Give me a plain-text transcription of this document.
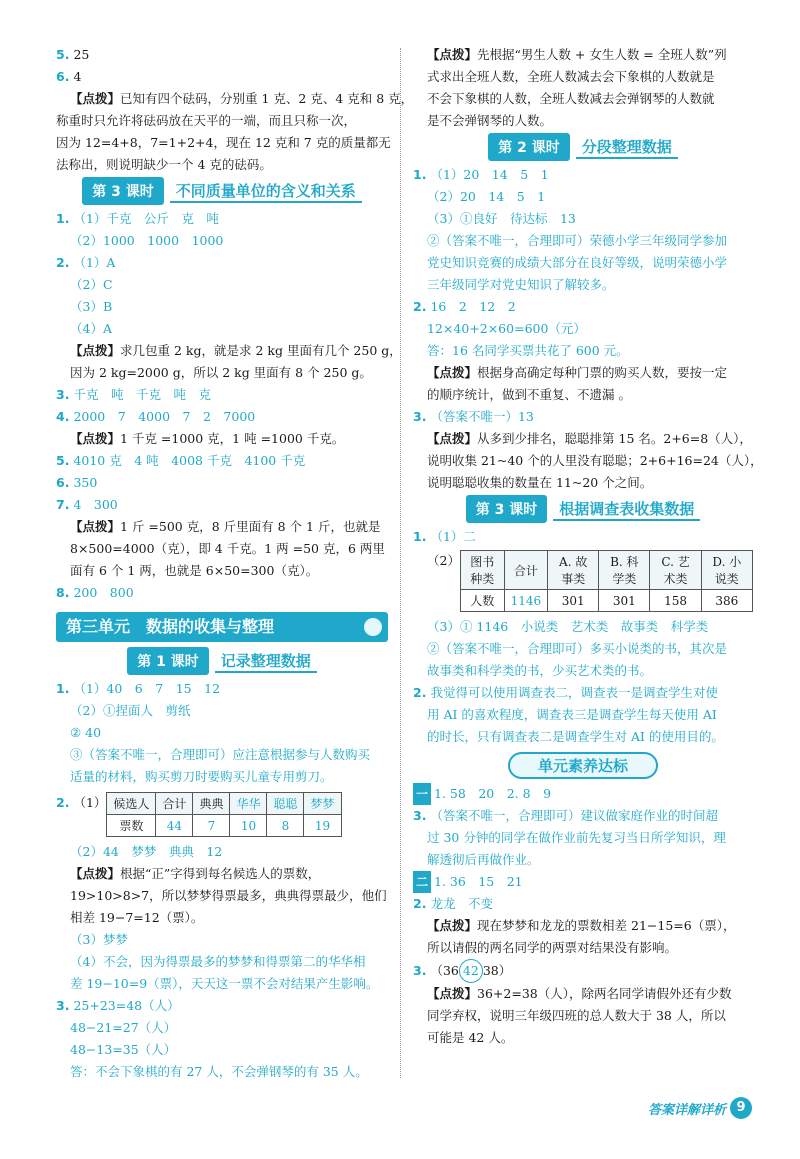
5. 25

6. 4

【点拨】已知有四个砝码，分别重 1 克、2 克、4 克和 8 克，

称重时只允许将砝码放在天平的一端，而且只称一次，

因为 12=4+8，7=1+2+4，现在 12 克和 7 克的质量都无

法称出，则说明缺少一个 4 克的砝码。

第 3 课时	不同质量单位的含义和关系

1. （1）千克　公斤　克　吨

（2）1000　1000　1000

2. （1）A

（2）C

（3）B

（4）A

【点拨】求几包重 2 kg，就是求 2 kg 里面有几个 250 g，

因为 2 kg=2000 g，所以 2 kg 里面有 8 个 250 g。

3. 千克　吨　千克　吨　克

4. 2000　7　4000　7　2　7000

【点拨】1 千克 =1000 克，1 吨 =1000 千克。

5. 4010 克　4 吨　4008 千克　4100 千克

6. 350

7. 4　300

【点拨】1 斤 =500 克，8 斤里面有 8 个 1 斤，也就是

8×500=4000（克），即 4 千克。1 两 =50 克，6 两里

面有 6 个 1 两，也就是 6×50=300（克）。

8. 200　800

第三单元　数据的收集与整理
第 1 课时	记录整理数据

1. （1）40　6　7　15　12

（2）①捏面人　剪纸

② 40

③（答案不唯一，合理即可）应注意根据参与人数购买

适量的材料，购买剪刀时要购买儿童专用剪刀。

2. （1） 候选人	合计	典典	华华	聪聪	梦梦
票数	44	7	10	8	19

（2）44　梦梦　典典　12

【点拨】根据“正”字得到每名候选人的票数，

19>10>8>7，所以梦梦得票最多，典典得票最少，他们

相差 19−7=12（票）。

（3）梦梦

（4）不会，因为得票最多的梦梦和得票第二的华华相

差 19−10=9（票），天天这一票不会对结果产生影响。

3. 25+23=48（人）

48−21=27（人）

48−13=35（人）

答：不会下象棋的有 27 人，不会弹钢琴的有 35 人。

【点拨】先根据“男生人数 + 女生人数 = 全班人数”列

式求出全班人数，全班人数减去会下象棋的人数就是

不会下象棋的人数，全班人数减去会弹钢琴的人数就

是不会弹钢琴的人数。

第 2 课时	分段整理数据

1. （1）20　14　5　1

（2）20　14　5　1

（3）①良好　待达标　13

②（答案不唯一，合理即可）荣德小学三年级同学参加

党史知识竞赛的成绩大部分在良好等级，说明荣德小学

三年级同学对党史知识了解较多。

2. 16　2　12　2

12×40+2×60=600（元）

答：16 名同学买票共花了 600 元。

【点拨】根据身高确定每种门票的购买人数，要按一定

的顺序统计，做到不重复、不遗漏 。

3. （答案不唯一）13

【点拨】从多到少排名，聪聪排第 15 名。2+6=8（人），

说明收集 21~40 个的人里没有聪聪；2+6+16=24（人），

说明聪聪收集的数量在 11~20 个之间。

第 3 课时	根据调查表收集数据

1. （1）二

（2） 图书种类	合计	A. 故事类	B. 科学类	C. 艺术类	D. 小说类
人数	1146	301	301	158	386

（3）① 1146　小说类　艺术类　故事类　科学类

②（答案不唯一，合理即可）多买小说类的书，其次是

故事类和科学类的书，少买艺术类的书。

2. 我觉得可以使用调查表二，调查表一是调查学生对使

用 AI 的喜欢程度，调查表三是调查学生每天使用 AI

的时长，只有调查表二是调查学生对 AI 的使用目的。

单元素养达标

一 1. 58　20　2. 8　9

3. （答案不唯一，合理即可）建议做家庭作业的时间超

过 30 分钟的同学在做作业前先复习当日所学知识，理

解透彻后再做作业。

二 1. 36　15　21

2. 龙龙　不变

【点拨】现在梦梦和龙龙的票数相差 21−15=6（票），

所以请假的两名同学的两票对结果没有影响。

3. （36 42 38）

【点拨】36+2=38（人），除两名同学请假外还有少数

同学弃权，说明三年级四班的总人数大于 38 人，所以

可能是 42 人。

答案详解详析 9
